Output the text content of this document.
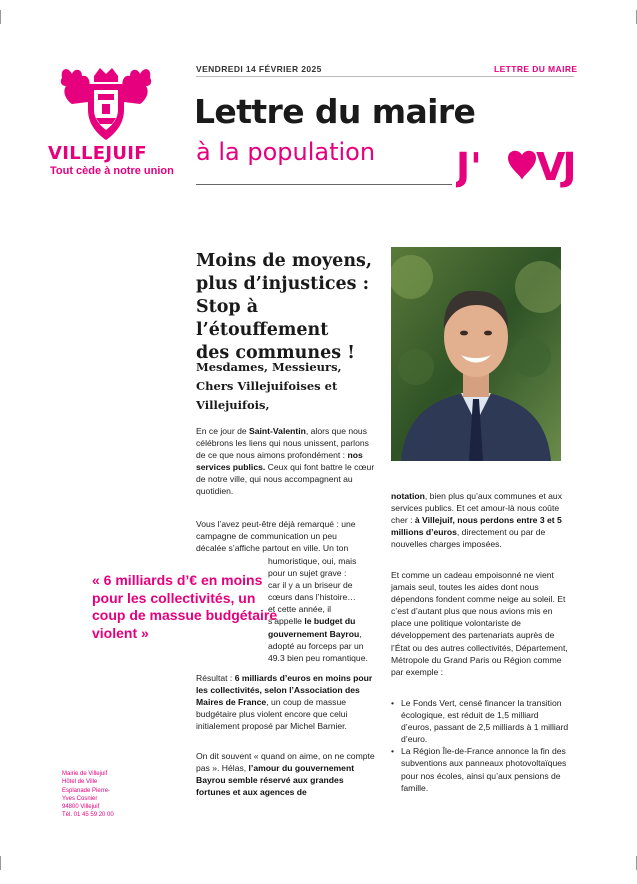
VILLEJUIF
Tout cède à notre union
VENDREDI 14 FÉVRIER 2025	LETTRE DU MAIRE
Lettre du maire
à la population J' VJ
Moins de moyens,
plus d’injustices :
Stop à l’étouffement
des communes !
Mesdames, Messieurs,
Chers Villejuifoises et
Villejuifois,
En ce jour de Saint-Valentin, alors que nous célébrons les liens qui nous unissent, parlons de ce que nous aimons profondément : nos services publics. Ceux qui font battre le cœur de notre ville, qui nous accompagnent au quotidien.
Vous l’avez peut-être déjà remarqué : une campagne de communication un peu décalée s’affiche partout en ville. Un ton
humoristique, oui, mais
pour un sujet grave :
car il y a un briseur de
cœurs dans l’histoire…
et cette année, il
s’appelle le budget du gouvernement Bayrou, adopté au forceps par un 49.3 bien peu romantique.
Résultat : 6 milliards d’euros en moins pour les collectivités, selon l’Association des Maires de France, un coup de massue budgétaire plus violent encore que celui initialement proposé par Michel Barnier.
On dit souvent « quand on aime, on ne compte pas ». Hélas, l’amour du gouvernement Bayrou semble réservé aux grandes fortunes et aux agences de
notation, bien plus qu’aux communes et aux services publics. Et cet amour-là nous coûte cher : à Villejuif, nous perdons entre 3 et 5 millions d’euros, directement ou par de nouvelles charges imposées.
Et comme un cadeau empoisonné ne vient jamais seul, toutes les aides dont nous dépendons fondent comme neige au soleil. Et c’est d’autant plus que nous avions mis en place une politique volontariste de développement des partenariats auprès de l’État ou des autres collectivités, Département, Métropole du Grand Paris ou Région comme par exemple :
• Le Fonds Vert, censé financer la transition écologique, est réduit de 1,5 milliard d’euros, passant de 2,5 milliards à 1 milliard d’euro.
• La Région Île-de-France annonce la fin des subventions aux panneaux photovoltaïques pour nos écoles, ainsi qu’aux pensions de famille.
« 6 milliards d’€ en moins pour les collectivités, un coup de massue budgétaire violent »
Mairie de Villejuif
Hôtel de Ville
Esplanade Pierre-
Yves Cosnier
94800 Villejuif
Tél. 01 45 59 20 00
